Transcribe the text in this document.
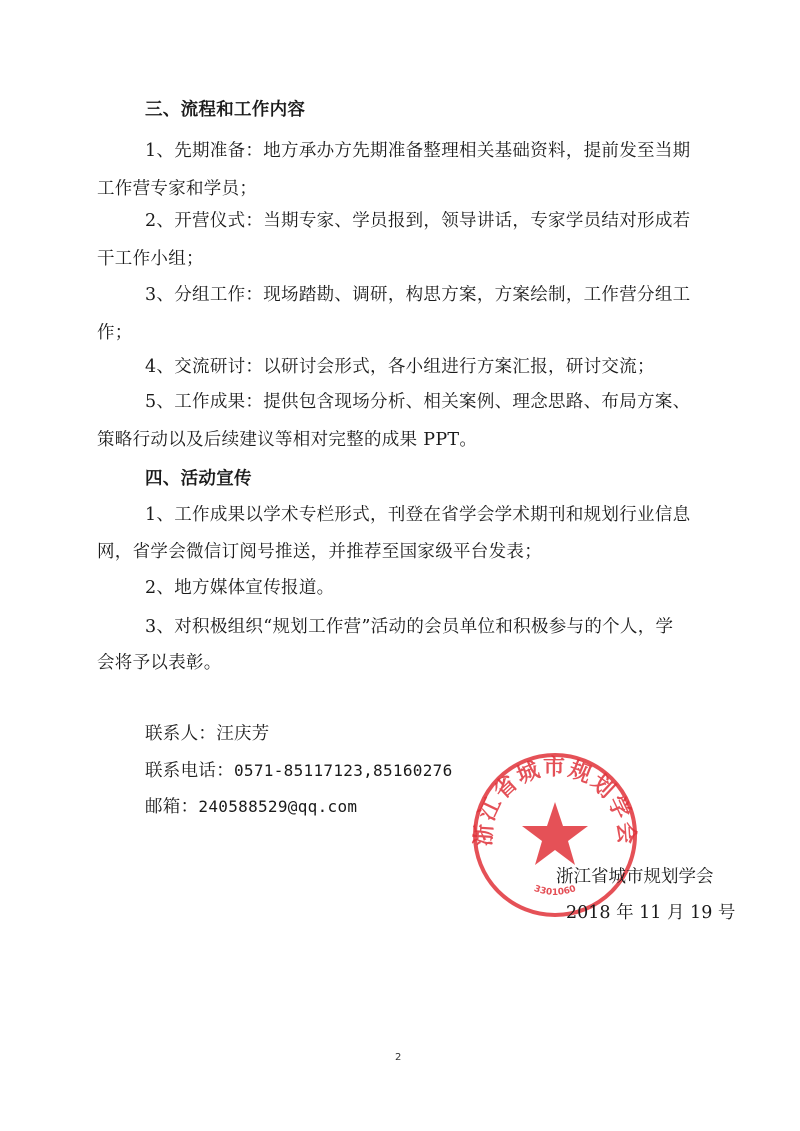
三、流程和工作内容
1、先期准备：地方承办方先期准备整理相关基础资料，提前发至当期
工作营专家和学员；
2、开营仪式：当期专家、学员报到，领导讲话，专家学员结对形成若
干工作小组；
3、分组工作：现场踏勘、调研，构思方案，方案绘制，工作营分组工
作；
4、交流研讨：以研讨会形式，各小组进行方案汇报，研讨交流；
5、工作成果：提供包含现场分析、相关案例、理念思路、布局方案、
策略行动以及后续建议等相对完整的成果 PPT。
四、活动宣传
1、工作成果以学术专栏形式，刊登在省学会学术期刊和规划行业信息
网，省学会微信订阅号推送，并推荐至国家级平台发表；
2、地方媒体宣传报道。
3、对积极组织“规划工作营”活动的会员单位和积极参与的个人，学
会将予以表彰。
联系人：汪庆芳
联系电话：0571-85117123,85160276
邮箱：240588529@qq.com
浙江省城市规划学会
3301060
浙江省城市规划学会
2018 年 11 月 19 号
2
